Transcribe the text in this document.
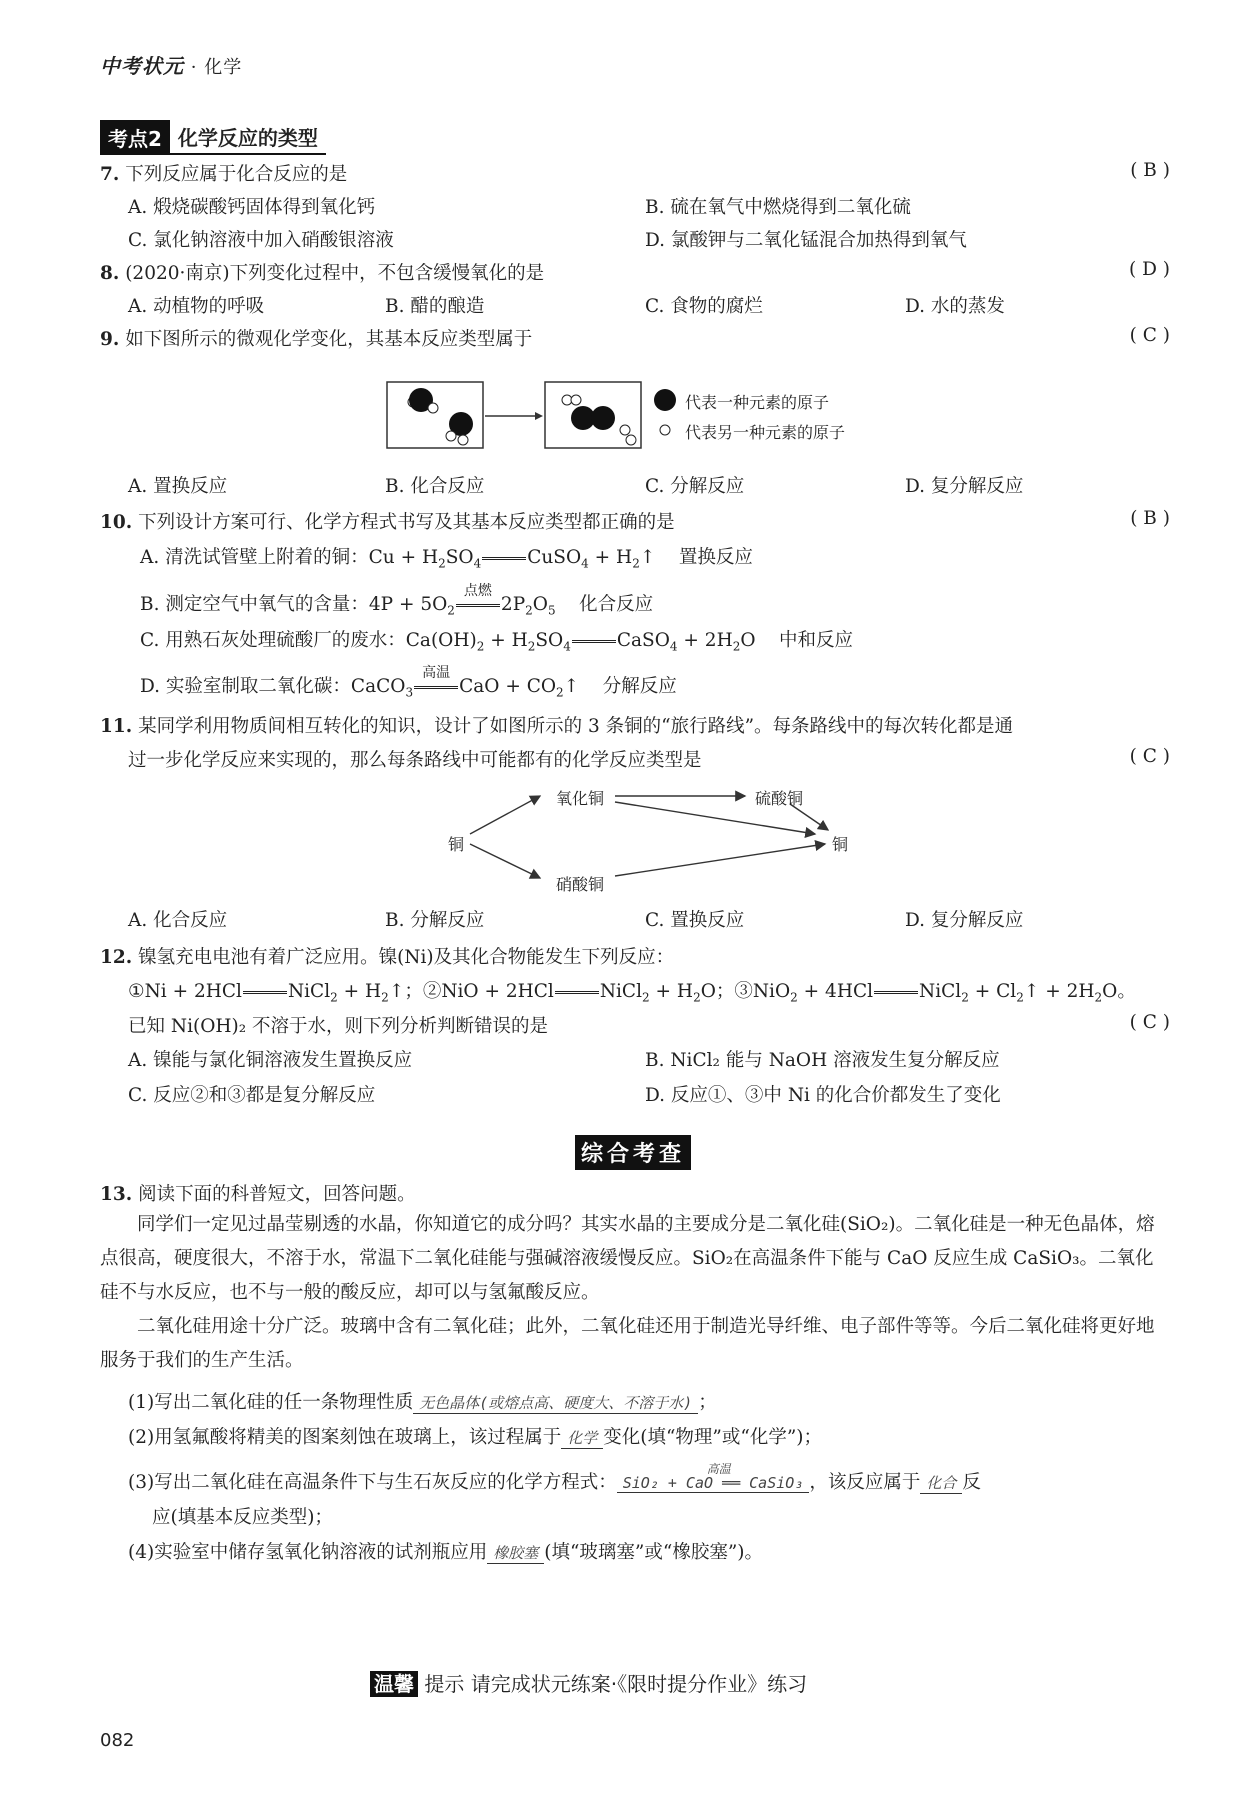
中考状元 · 化学
考点2 化学反应的类型
7. 下列反应属于化合反应的是	( B )
A. 煅烧碳酸钙固体得到氧化钙	B. 硫在氧气中燃烧得到二氧化硫
C. 氯化钠溶液中加入硝酸银溶液	D. 氯酸钾与二氧化锰混合加热得到氧气
8. (2020·南京)下列变化过程中，不包含缓慢氧化的是	( D )
A. 动植物的呼吸	B. 醋的酿造	C. 食物的腐烂	D. 水的蒸发
9. 如下图所示的微观化学变化，其基本反应类型属于	( C )
代表一种元素的原子
代表另一种元素的原子
A. 置换反应	B. 化合反应	C. 分解反应	D. 复分解反应
10. 下列设计方案可行、化学方程式书写及其基本反应类型都正确的是	( B )
A. 清洗试管壁上附着的铜：$Cu + H_2SO_4$ CuSO$_4$ + $H_2↑$    置换反应
B. 测定空气中氧气的含量：$4P + 5O_2$
点燃
$2P_2O_5$ 化合反应
C. 用熟石灰处理硫酸厂的废水：$Ca(OH)_2 + H_2SO_4$ CaSO$_4$ + $2H_2O$    中和反应
D. 实验室制取二氧化碳：CaCO$_3$
高温
CaO + $CO_2↑$    分解反应
11. 某同学利用物质间相互转化的知识，设计了如图所示的 3 条铜的“旅行路线”。每条路线中的每次转化都是通
过一步化学反应来实现的，那么每条路线中可能都有的化学反应类型是	( C )
铜
氧化铜	硫酸铜
硝酸铜
铜
A. 化合反应	B. 分解反应	C. 置换反应	D. 复分解反应
12. 镍氢充电电池有着广泛应用。镍(Ni)及其化合物能发生下列反应：
①Ni + 2HCl NiCl$_2$ + $H_2↑$；②NiO + 2HCl NiCl$_2$ + $H_2O$；③NiO$_2$ + 4HCl NiCl$_2$ + $Cl_2↑ + 2H_2O$。
已知 Ni(OH)₂ 不溶于水，则下列分析判断错误的是	( C )
A. 镍能与氯化铜溶液发生置换反应	B. NiCl₂ 能与 NaOH 溶液发生复分解反应
C. 反应②和③都是复分解反应	D. 反应①、③中 Ni 的化合价都发生了变化
综合考查
13. 阅读下面的科普短文，回答问题。
同学们一定见过晶莹剔透的水晶，你知道它的成分吗？其实水晶的主要成分是二氧化硅(SiO₂)。二氧化硅是一种无色晶体，熔点很高，硬度很大，不溶于水，常温下二氧化硅能与强碱溶液缓慢反应。SiO₂在高温条件下能与 CaO 反应生成 CaSiO₃。二氧化硅不与水反应，也不与一般的酸反应，却可以与氢氟酸反应。
二氧化硅用途十分广泛。玻璃中含有二氧化硅；此外，二氧化硅还用于制造光导纤维、电子部件等等。今后二氧化硅将更好地服务于我们的生产生活。
(1)写出二氧化硅的任一条物理性质 无色晶体(或熔点高、硬度大、不溶于水) ；
(2)用氢氟酸将精美的图案刻蚀在玻璃上，该过程属于 化学 变化(填“物理”或“化学”)；
(3)写出二氧化硅在高温条件下与生石灰反应的化学方程式：
高温
SiO₂ + CaO ══ CaSiO₃ ，该反应属于 化合 反
应(填基本反应类型)；
(4)实验室中储存氢氧化钠溶液的试剂瓶应用 橡胶塞 (填“玻璃塞”或“橡胶塞”)。
温馨 提示 请完成状元练案·《限时提分作业》练习
082
